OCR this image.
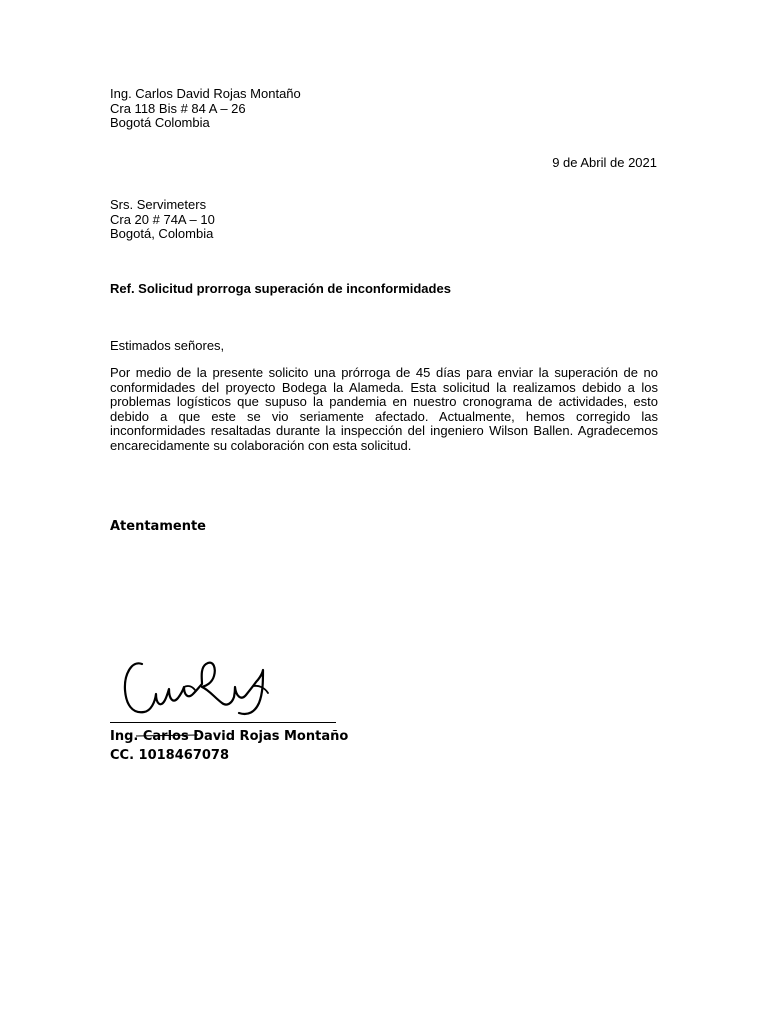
Ing. Carlos David Rojas Montaño
Cra 118 Bis # 84 A – 26
Bogotá Colombia
9 de Abril de 2021
Srs. Servimeters
Cra 20 # 74A – 10
Bogotá, Colombia
Ref. Solicitud prorroga superación de inconformidades
Estimados señores,
Por medio de la presente solicito una prórroga de 45 días para enviar la superación de no conformidades del proyecto Bodega la Alameda. Esta solicitud la realizamos debido a los problemas logísticos que supuso la pandemia en nuestro cronograma de actividades, esto debido a que este se vio seriamente afectado. Actualmente, hemos corregido las inconformidades resaltadas durante la inspección del ingeniero Wilson Ballen. Agradecemos encarecidamente su colaboración con esta solicitud.
Atentamente
Ing. Carlos David Rojas Montaño
CC. 1018467078
